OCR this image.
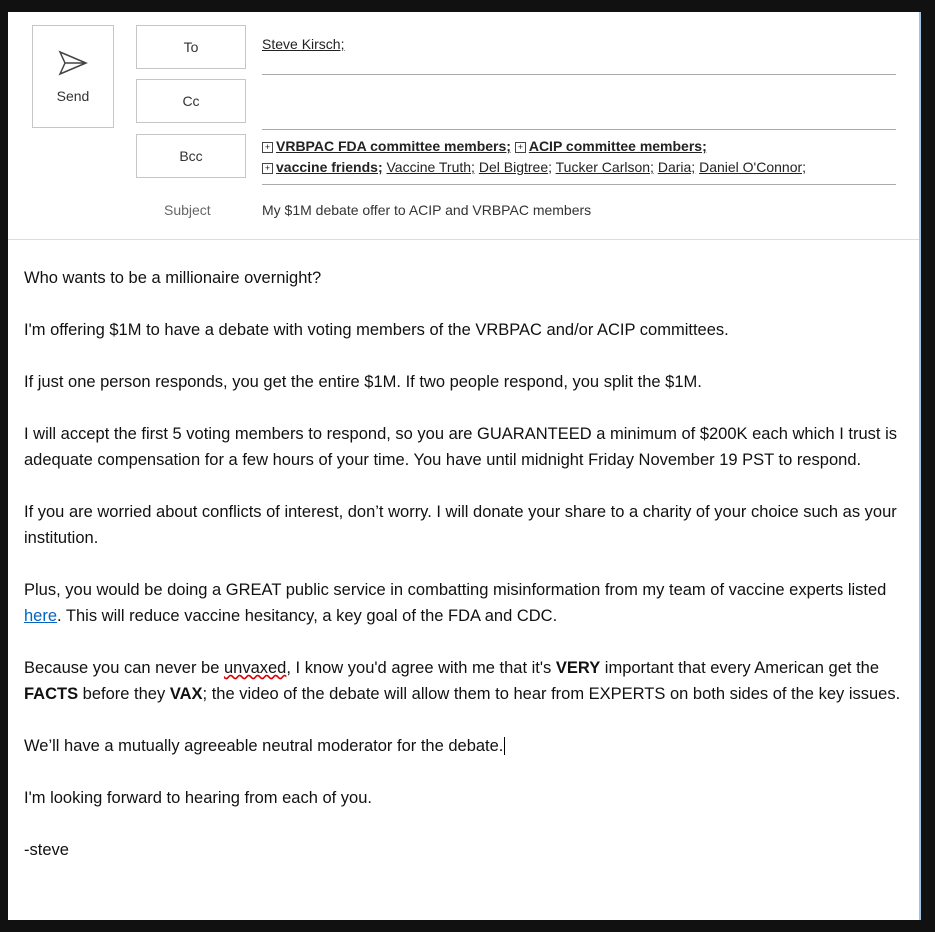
Send
To
Cc
Bcc
Steve Kirsch;
+ VRBPAC FDA committee members; + ACIP committee members;
+ vaccine friends; Vaccine Truth; Del Bigtree; Tucker Carlson; Daria; Daniel O'Connor;
Subject	My $1M debate offer to ACIP and VRBPAC members

Who wants to be a millionaire overnight?

I'm offering $1M to have a debate with voting members of the VRBPAC and/or ACIP committees.

If just one person responds, you get the entire $1M. If two people respond, you split the $1M.

I will accept the first 5 voting members to respond, so you are GUARANTEED a minimum of $200K each which I trust is adequate compensation for a few hours of your time. You have until midnight Friday November 19 PST to respond.

If you are worried about conflicts of interest, don’t worry. I will donate your share to a charity of your choice such as your institution.

Plus, you would be doing a GREAT public service in combatting misinformation from my team of vaccine experts listed here. This will reduce vaccine hesitancy, a key goal of the FDA and CDC.

Because you can never be unvaxed, I know you'd agree with me that it's VERY important that every American get the FACTS before they VAX; the video of the debate will allow them to hear from EXPERTS on both sides of the key issues.

We’ll have a mutually agreeable neutral moderator for the debate.

I'm looking forward to hearing from each of you.

-steve
